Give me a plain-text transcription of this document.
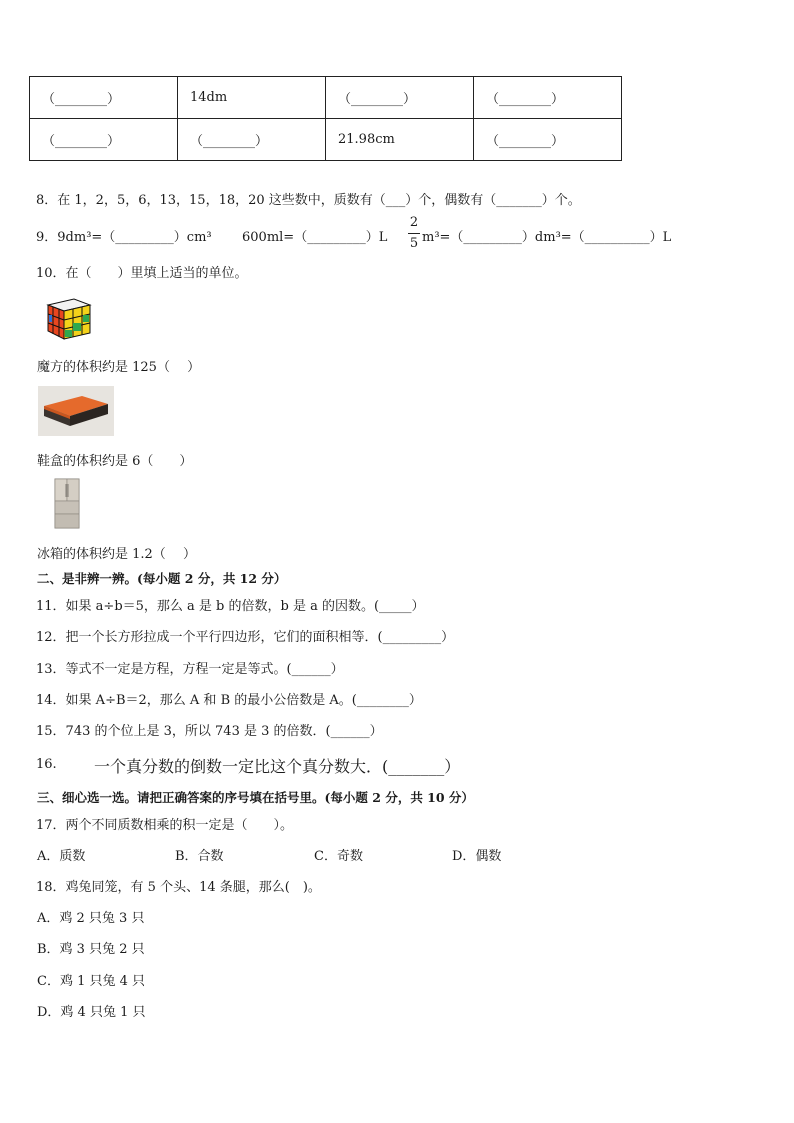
（________）	14dm	（________）	（________）
（________）	（________）	21.98cm	（________）
8．在 1，2，5，6，13，15，18，20 这些数中，质数有（___）个，偶数有（_______）个。
9．9dm³=（_________）cm³ 600ml=（_________）L
2
5 m³=（_________）dm³=（__________）L
10．在（　　）里填上适当的单位。
魔方的体积约是 125（　 ）
鞋盒的体积约是 6（　　）
冰箱的体积约是 1.2（　 ）
二、是非辨一辨。(每小题 2 分，共 12 分）
11．如果 a÷b＝5，那么 a 是 b 的倍数，b 是 a 的因数。(_____）
12．把一个长方形拉成一个平行四边形，它们的面积相等．(_________）
13．等式不一定是方程，方程一定是等式。(______）
14．如果 A÷B＝2，那么 A 和 B 的最小公倍数是 A。(________）
15．743 的个位上是 3，所以 743 是 3 的倍数．(______）
16. 一个真分数的倒数一定比这个真分数大．(_______）
三、细心选一选。请把正确答案的序号填在括号里。(每小题 2 分，共 10 分）
17．两个不同质数相乘的积一定是（　　）。
A．质数	B．合数	C．奇数	D．偶数
18．鸡兔同笼，有 5 个头、14 条腿，那么(　)。
A．鸡 2 只兔 3 只
B．鸡 3 只兔 2 只
C．鸡 1 只兔 4 只
D．鸡 4 只兔 1 只
